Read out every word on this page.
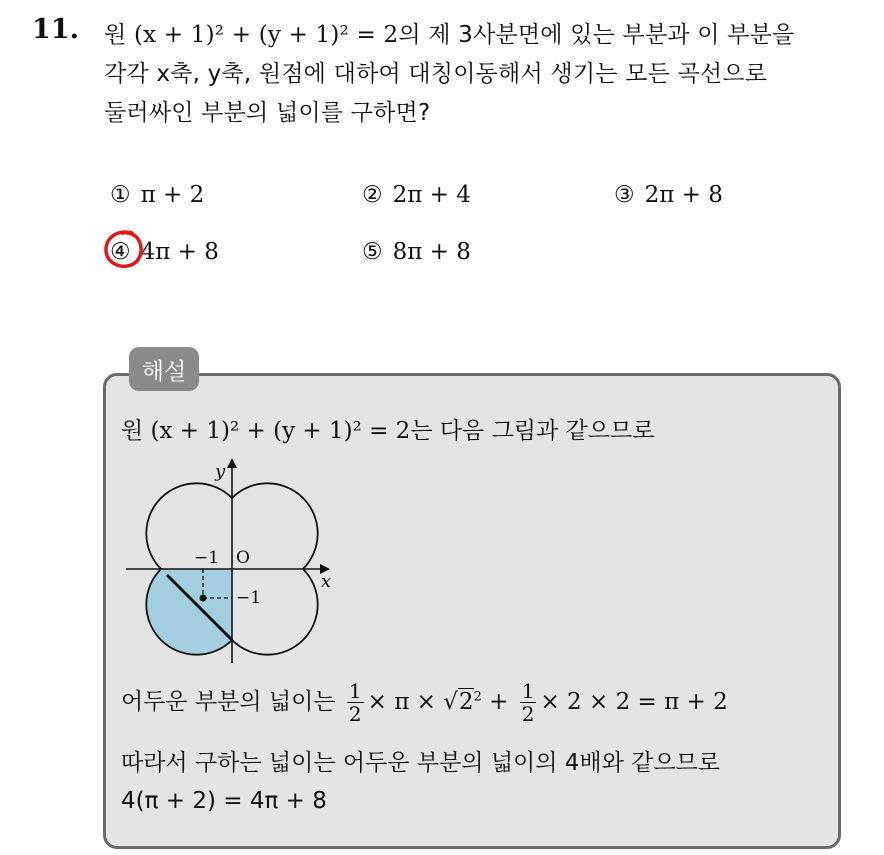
11. 원 (x + 1)² + (y + 1)² = 2의 제 3사분면에 있는 부분과 이 부분을
각각 x축, y축, 원점에 대하여 대칭이동해서 생기는 모든 곡선으로
둘러싸인 부분의 넓이를 구하면?
① π + 2	② 2π + 4	③ 2π + 8
④ 4π + 8	⑤ 8π + 8
해설
원 (x + 1)² + (y + 1)² = 2는 다음 그림과 같으므로
−1 O
−1
x
y
어두운 부분의 넓이는 $\frac{1}{2} \times \pi \times √2^2 + \frac{1}{2} \times 2 \times 2 = \pi + 2$
따라서 구하는 넓이는 어두운 부분의 넓이의 4배와 같으므로
4(π + 2) = 4π + 8
